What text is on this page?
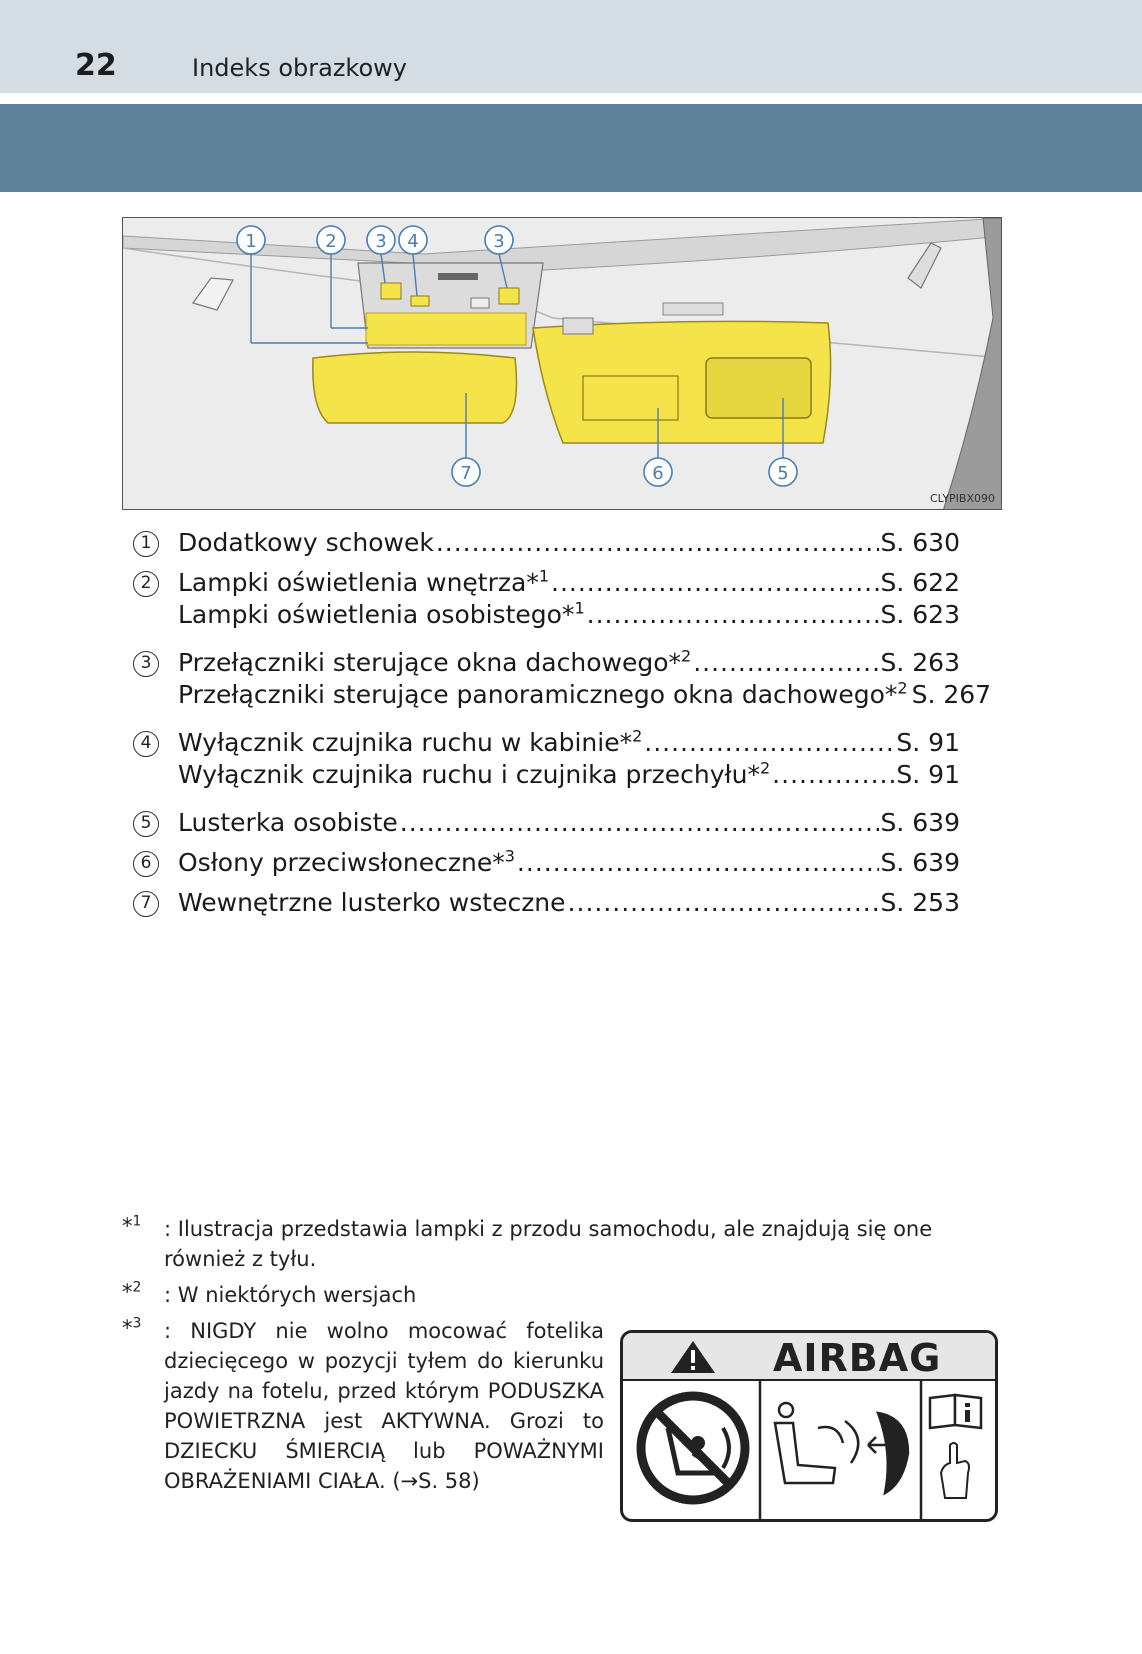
22	Indeks obrazkowy
1	2 3 4	3
7	6	5
CLYPIBX090
1	Dodatkowy schowek .....	S. 630
2	Lampki oświetlenia wnętrza*$^1$ .....	S. 622
Lampki oświetlenia osobistego*$^1$ .....	S. 623
3	Przełączniki sterujące okna dachowego*$^2$ .....	S. 263
Przełączniki sterujące panoramicznego okna dachowego*$^2$ S. 267
4	Wyłącznik czujnika ruchu w kabinie*$^2$ .....	S. 91
Wyłącznik czujnika ruchu i czujnika przechyłu*$^2$ .....	S. 91
5	Lusterka osobiste .....	S. 639
6	Osłony przeciwsłoneczne*$^3$ .....	S. 639
7	Wewnętrzne lusterko wsteczne .....	S. 253
*$^1$	: Ilustracja przedstawia lampki z przodu samochodu, ale znajdują się one również z tyłu.
*$^2$	: W niektórych wersjach
*$^3$	: NIGDY nie wolno mocować fotelika dziecięcego w pozycji tyłem do kierunku jazdy na fotelu, przed którym PODUSZKA POWIETRZNA jest AKTYWNA. Grozi to DZIECKU ŚMIERCIĄ lub POWAŻNYMI OBRAŻENIAMI CIAŁA. (→S. 58)
AIRBAG
